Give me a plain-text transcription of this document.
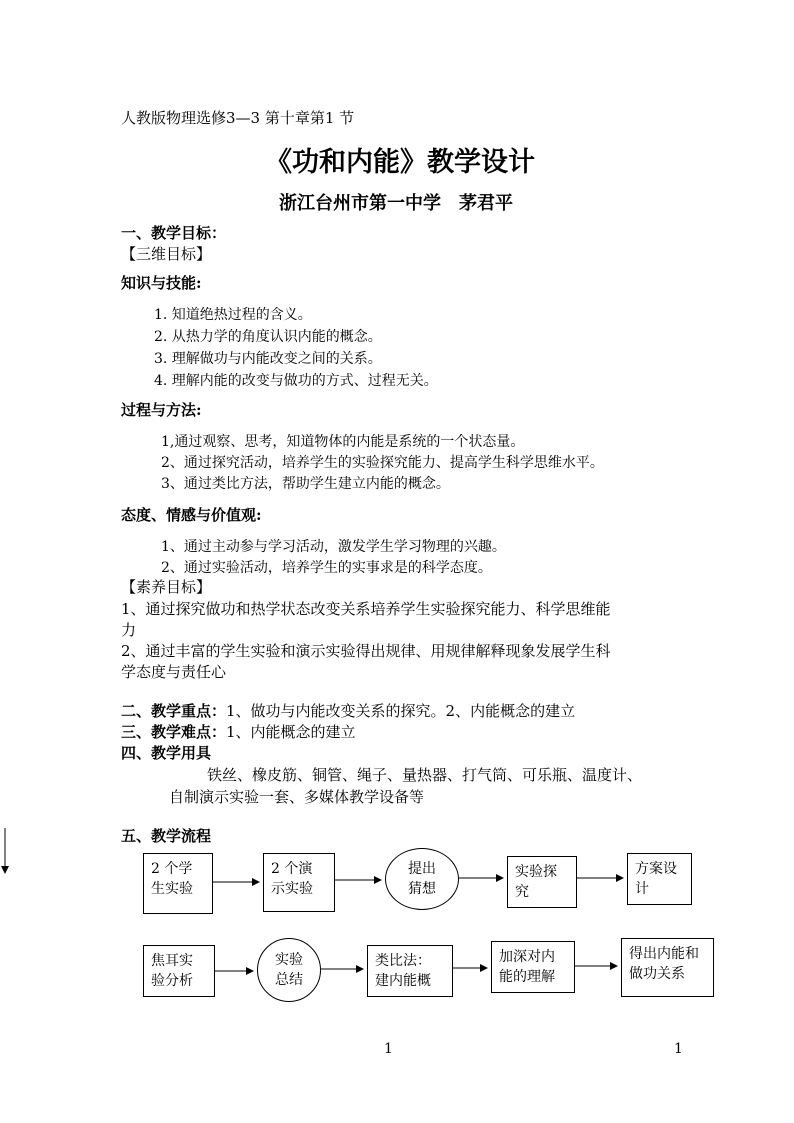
人教版物理选修3—3 第十章第1 节
《功和内能》教学设计
浙江台州市第一中学　茅君平
一、教学目标：
【三维目标】
知识与技能:
1. 知道绝热过程的含义。
2. 从热力学的角度认识内能的概念。
3. 理解做功与内能改变之间的关系。
4. 理解内能的改变与做功的方式、过程无关。
过程与方法:
1,通过观察、思考，知道物体的内能是系统的一个状态量。
2、通过探究活动，培养学生的实验探究能力、提高学生科学思维水平。
3、通过类比方法，帮助学生建立内能的概念。
态度、情感与价值观:
1、通过主动参与学习活动，激发学生学习物理的兴趣。
2、通过实验活动，培养学生的实事求是的科学态度。
【素养目标】
1、通过探究做功和热学状态改变关系培养学生实验探究能力、科学思维能
力
2、通过丰富的学生实验和演示实验得出规律、用规律解释现象发展学生科
学态度与责任心
二、教学重点：1、做功与内能改变关系的探究。2、内能概念的建立
三、教学难点：1、内能概念的建立
四、教学用具
铁丝、橡皮筋、铜管、绳子、量热器、打气筒、可乐瓶、温度计、
自制演示实验一套、多媒体教学设备等
五、教学流程
2 个学
生实验
2 个演
示实验
提出
猜想
实验探
究
方案设
计
焦耳实
验分析
实验
总结
类比法：
建内能概
加深对内
能的理解
得出内能和
做功关系
1	1
